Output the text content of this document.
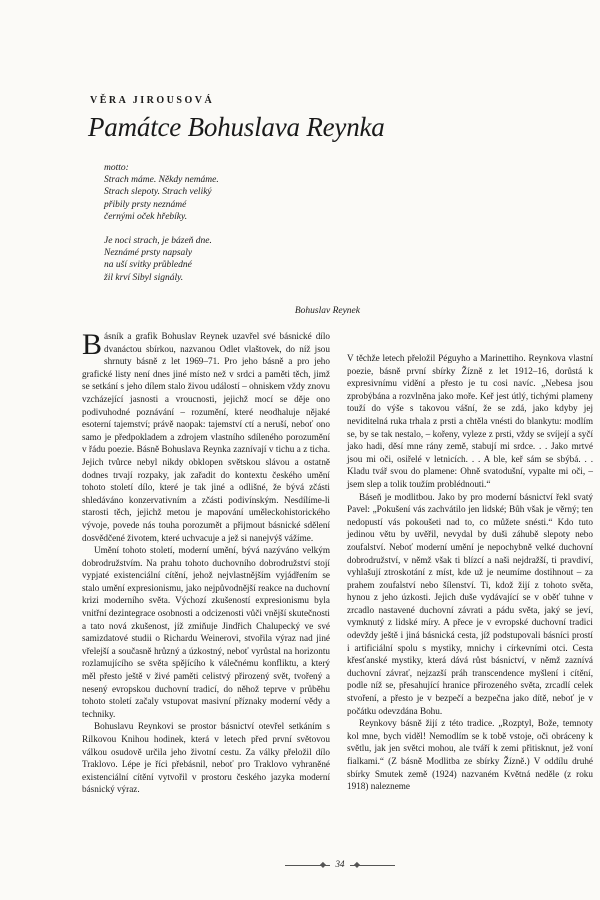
VĚRA JIROUSOVÁ
Památce Bohuslava Reynka
motto:
Strach máme. Někdy nemáme.
Strach slepoty. Strach veliký
přibily prsty neznámé
černými oček hřebíky.
Je noci strach, je bázeň dne.
Neznámé prsty napsaly
na uší svitky průbledné
žil krví Sibyl signály.
Bohuslav Reynek

Básník a grafik Bohuslav Reynek uzavřel své básnické dílo dvanáctou sbírkou, nazvanou Odlet vlaštovek, do níž jsou shrnuty básně z let 1969–71. Pro jeho básně a pro jeho grafické listy není dnes jiné místo než v srdci a paměti těch, jimž se setkání s jeho dílem stalo živou událostí – ohniskem vždy znovu vzcházející jasnosti a vroucnosti, jejichž mocí se děje ono podivuhodné poznávání – rozumění, které neodhaluje nějaké esoterní tajemství; právě naopak: tajemství ctí a neruší, neboť ono samo je předpokladem a zdrojem vlastního sdíleného porozumění v řádu poezie. Básně Bohuslava Reynka zaznívají v tichu a z ticha. Jejich tvůrce nebyl nikdy obklopen světskou slávou a ostatně dodnes trvají rozpaky, jak zařadit do kontextu českého umění tohoto století dílo, které je tak jiné a odlišné, že bývá zčásti shledáváno konzervativním a zčásti podivínským. Nesdílíme-li starosti těch, jejichž metou je mapování uměleckohistorického vývoje, povede nás touha porozumět a přijmout básnické sdělení dosvědčené životem, které uchvacuje a jež si nanejvýš vážíme.

Umění tohoto století, moderní umění, bývá nazýváno velkým dobrodružstvím. Na prahu tohoto duchovního dobrodružství stojí vypjaté existenciální cítění, jehož nejvlastnějším vyjádřením se stalo umění expresionismu, jako nejpůvodnější reakce na duchovní krizi moderního světa. Výchozí zkušeností expresionismu byla vnitřní dezintegrace osobnosti a odcizenosti vůči vnější skutečnosti a tato nová zkušenost, jíž zmiňuje Jindřich Chalupecký ve své samizdatové studii o Richardu Weinerovi, stvořila výraz nad jiné vřelejší a současně hrůzný a úzkostný, neboť vyrůstal na horizontu rozlamujícího se světa spějícího k válečnému konfliktu, a který měl přesto ještě v živé paměti celistvý přirozený svět, tvořený a nesený evropskou duchovní tradicí, do něhož teprve v průběhu tohoto století začaly vstupovat masivní příznaky moderní vědy a techniky.

Bohuslavu Reynkovi se prostor básnictví otevřel setkáním s Rilkovou Knihou hodinek, která v letech před první světovou válkou osudově určila jeho životní cestu. Za války přeložil dílo Traklovo. Lépe je říci přebásnil, neboť pro Traklovo vyhraněné existenciální cítění vytvořil v prostoru českého jazyka moderní básnický výraz.

V těchže letech přeložil Péguyho a Marinettiho. Reynkova vlastní poezie, básně první sbírky Žízně z let 1912–16, dorůstá k expresivnímu vidění a přesto je tu cosi navíc. „Nebesa jsou zprobýbána a rozvlněna jako moře. Keř jest útlý, tichými plameny touží do výše s takovou vášní, že se zdá, jako kdyby jej neviditelná ruka trhala z prsti a chtěla vnésti do blankytu: modlím se, by se tak nestalo, – kořeny, vyleze z prsti, vždy se svíjejí a syčí jako hadi, děsí mne rány země, stabují mi srdce. . . Jako mrtvé jsou mi oči, osiřelé v letnicích. . . A ble, keř sám se sbýbá. . . Kladu tvář svou do plamene: Ohně svatodušní, vypalte mi oči, – jsem slep a tolik toužím problédnouti.“

Báseň je modlitbou. Jako by pro moderní básnictví řekl svatý Pavel: „Pokušení vás zachvátilo jen lidské; Bůh však je věrný; ten nedopustí vás pokoušeti nad to, co můžete snésti.“ Kdo tuto jedinou větu by uvěřil, nevydal by duši záhubě slepoty nebo zoufalství. Neboť moderní umění je nepochybně velké duchovní dobrodružství, v němž však ti blízcí a naši nejdražší, ti pravdiví, vyhlašují ztroskotání z míst, kde už je neumíme dostihnout – za prahem zoufalství nebo šílenství. Ti, kdož žijí z tohoto světa, hynou z jeho úzkosti. Jejich duše vydávající se v oběť tuhne v zrcadlo nastavené duchovní závrati a pádu světa, jaký se jeví, vymknutý z lidské míry. A přece je v evropské duchovní tradici odevždy ještě i jiná básnická cesta, jíž podstupovali básníci prostí i artificiální spolu s mystiky, mnichy i církevními otci. Cesta křesťanské mystiky, která dává růst básnictví, v němž zaznívá duchovní závrať, nejzazší práh transcendence myšlení i cítění, podle níž se, přesahující hranice přirozeného světa, zrcadlí celek stvoření, a přesto je v bezpečí a bezpečna jako dítě, neboť je v počátku odevzdána Bohu.

Reynkovy básně žijí z této tradice. „Rozptyl, Bože, temnoty kol mne, bych viděl! Nemodlím se k tobě vstoje, oči obráceny k světlu, jak jen světci mohou, ale tváří k zemi přitisknut, jež voní fialkami.“ (Z básně Modlitba ze sbírky Žízně.) V oddílu druhé sbírky Smutek země (1924) nazvaném Květná neděle (z roku 1918) nalezneme

◆	34	◆
